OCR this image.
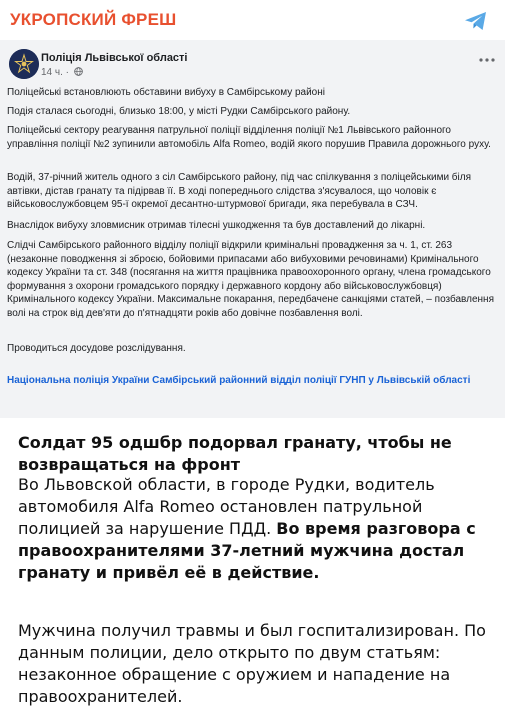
УКРОПСКИЙ ФРЕШ
Поліція Львівської області
14 ч. ·
Поліцейські встановлюють обставини вибуху в Самбірському районі
Подія сталася сьогодні, близько 18:00, у місті Рудки Самбірського району.
Поліцейські сектору реагування патрульної поліції відділення поліції №1 Львівського районного управління поліції №2 зупинили автомобіль Alfa Romeo, водій якого порушив Правила дорожнього руху.
Водій, 37-річний житель одного з сіл Самбірського району, під час спілкування з поліцейськими біля автівки, дістав гранату та підірвав її. В ході попереднього слідства з'ясувалося, що чоловік є військовослужбовцем 95-ї окремої десантно-штурмової бригади, яка перебувала в СЗЧ.
Внаслідок вибуху зловмисник отримав тілесні ушкодження та був доставлений до лікарні.
Слідчі Самбірського районного відділу поліції відкрили кримінальні провадження за ч. 1, ст. 263 (незаконне поводження зі зброєю, бойовими припасами або вибуховими речовинами) Кримінального кодексу України та ст. 348 (посягання на життя працівника правоохоронного органу, члена громадського формування з охорони громадського порядку і державного кордону або військовослужбовця) Кримінального кодексу України. Максимальне покарання, передбачене санкціями статей, – позбавлення волі на строк від дев'яти до п'ятнадцяти років або довічне позбавлення волі.
Проводиться досудове розслідування.
Національна поліція України Самбірський районний відділ поліції ГУНП у Львівській області
Солдат 95 одшбр подорвал гранату, чтобы не возвращаться на фронт
Во Львовской области, в городе Рудки, водитель автомобиля Alfa Romeo остановлен патрульной полицией за нарушение ПДД. Во время разговора с правоохранителями 37-летний мужчина достал гранату и привёл её в действие.
Мужчина получил травмы и был госпитализирован. По данным полиции, дело открыто по двум статьям: незаконное обращение с оружием и нападение на правоохранителей.
